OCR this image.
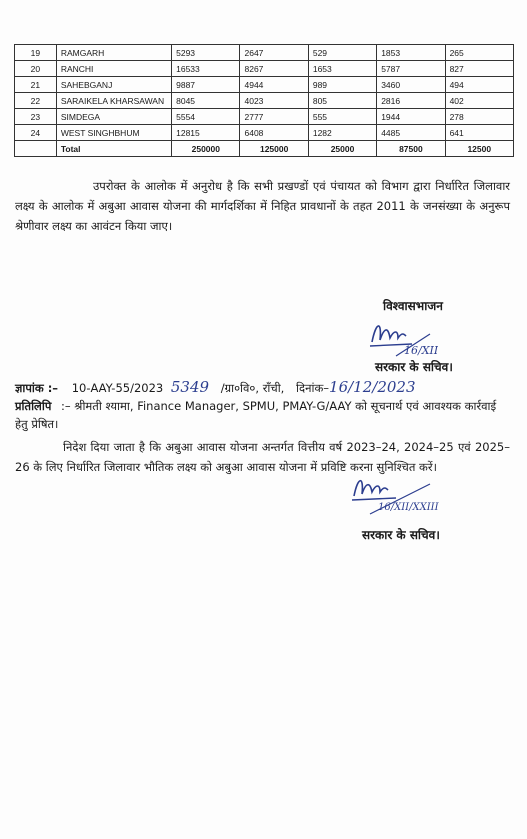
19	RAMGARH	5293	2647	529	1853	265
20	RANCHI	16533	8267	1653	5787	827
21	SAHEBGANJ	9887	4944	989	3460	494
22	SARAIKELA KHARSAWAN	8045	4023	805	2816	402
23	SIMDEGA	5554	2777	555	1944	278
24	WEST SINGHBHUM	12815	6408	1282	4485	641
	Total	250000	125000	25000	87500	12500
उपरोक्त के आलोक में अनुरोध है कि सभी प्रखण्डों एवं पंचायत को विभाग द्वारा निर्धारित जिलावार लक्ष्य के आलोक में अबुआ आवास योजना की मार्गदर्शिका में निहित प्रावधानों के तहत 2011 के जनसंख्या के अनुरूप श्रेणीवार लक्ष्य का आवंटन किया जाए।
विश्वासभाजन
16/XII
सरकार के सचिव।
ज्ञापांक :– 10-AAY-55/2023 5349 /ग्रा०वि०, राँची, दिनांक–16/12/2023
प्रतिलिपि :– श्रीमती श्यामा, Finance Manager, SPMU, PMAY-G/AAY को सूचनार्थ एवं आवश्यक कार्रवाई हेतु प्रेषित।
निदेश दिया जाता है कि अबुआ आवास योजना अन्तर्गत वित्तीय वर्ष 2023–24, 2024–25 एवं 2025–26 के लिए निर्धारित जिलावार भौतिक लक्ष्य को अबुआ आवास योजना में प्रविष्टि करना सुनिश्चित करें।
16/XII/XXIII
सरकार के सचिव।
